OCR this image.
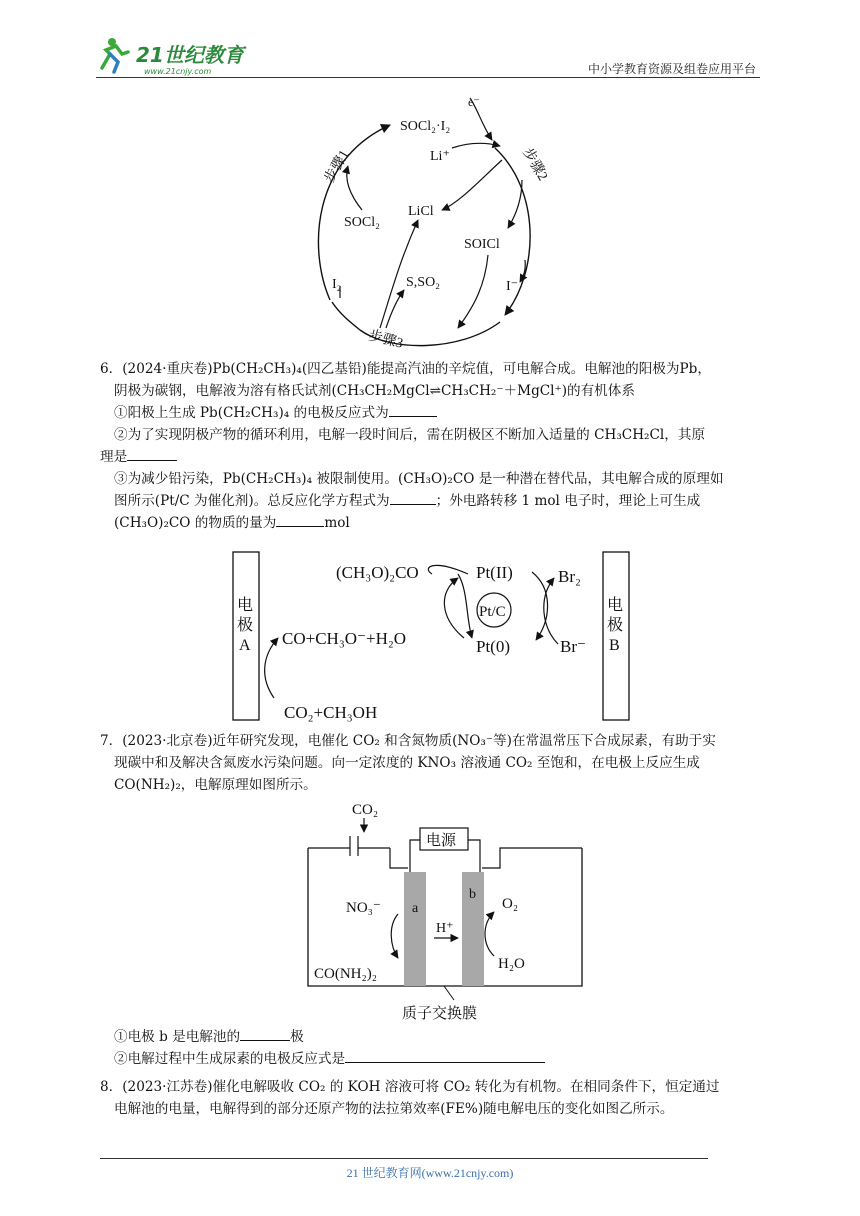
21世纪教育
www.21cnjy.com	中小学教育资源及组卷应用平台
SOCl₂·I₂
e⁻
Li⁺
步骤1	步骤2
步骤3
SOCl₂
LiCl
SOICl
S,SO₂
I₂	I⁻
6．(2024·重庆卷)Pb(CH₂CH₃)₄(四乙基铅)能提高汽油的辛烷值，可电解合成。电解池的阳极为Pb，
阴极为碳钢，电解液为溶有格氏试剂(CH₃CH₂MgCl⇌CH₃CH₂⁻＋MgCl⁺)的有机体系
①阳极上生成 Pb(CH₂CH₃)₄ 的电极反应式为
②为了实现阴极产物的循环利用，电解一段时间后，需在阴极区不断加入适量的 CH₃CH₂Cl，其原
理是
③为减少铅污染，Pb(CH₂CH₃)₄ 被限制使用。(CH₃O)₂CO 是一种潜在替代品，其电解合成的原理如
图所示(Pt/C 为催化剂)。总反应化学方程式为	；外电路转移 1 mol 电子时，理论上可生成
(CH₃O)₂CO 的物质的量为	mol
电
极
A
电
极
B
(CH₃O)₂CO
CO+CH₃O⁻+H₂O
CO₂+CH₃OH
Pt(II)
Pt/C
Pt(0)
Br₂
Br⁻
7．(2023·北京卷)近年研究发现，电催化 CO₂ 和含氮物质(NO₃⁻等)在常温常压下合成尿素，有助于实
现碳中和及解决含氮废水污染问题。向一定浓度的 KNO₃ 溶液通 CO₂ 至饱和，在电极上反应生成
CO(NH₂)₂，电解原理如图所示。
CO₂
电源
a
b
NO₃⁻
CO(NH₂)₂
H⁺
O₂
H₂O
质子交换膜
①电极 b 是电解池的	极
②电解过程中生成尿素的电极反应式是
8．(2023·江苏卷)催化电解吸收 CO₂ 的 KOH 溶液可将 CO₂ 转化为有机物。在相同条件下，恒定通过
电解池的电量，电解得到的部分还原产物的法拉第效率(FE%)随电解电压的变化如图乙所示。
21 世纪教育网(www.21cnjy.com)
